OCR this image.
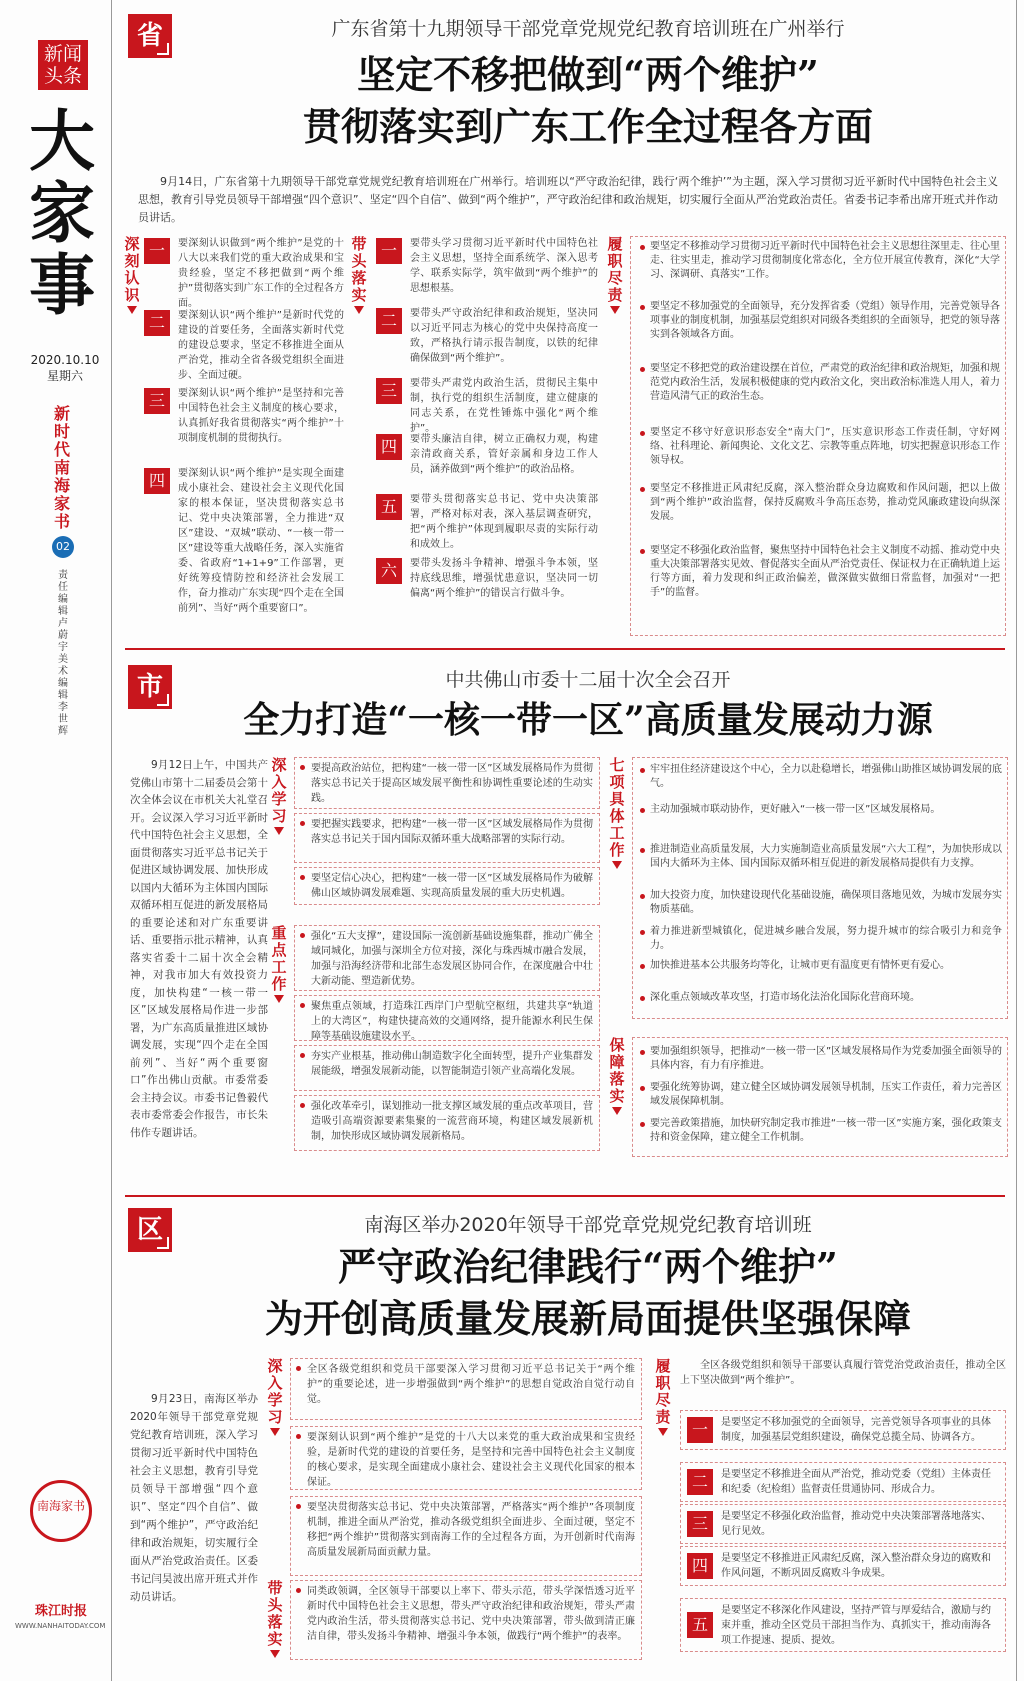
新闻头条
大家事
2020.10.10
星期六
新时代南海家书
02
责任编辑 卢蔚宇 美术编辑 李世辉
南海家书
珠江时报
WWW.NANHAITODAY.COM
省	广东省第十九期领导干部党章党规党纪教育培训班在广州举行
坚定不移把做到“两个维护”
贯彻落实到广东工作全过程各方面
9月14日，广东省第十九期领导干部党章党规党纪教育培训班在广州举行。培训班以“严守政治纪律，践行‘两个维护’”为主题，深入学习贯彻习近平新时代中国特色社会主义思想，教育引导党员领导干部增强“四个意识”、坚定“四个自信”、做到“两个维护”，严守政治纪律和政治规矩，切实履行全面从严治党政治责任。省委书记李希出席开班式并作动员讲话。
深刻认识
一	要深刻认识做到“两个维护”是党的十八大以来我们党的重大政治成果和宝贵经验，坚定不移把做到“两个维护”贯彻落实到广东工作的全过程各方面。
二	要深刻认识“两个维护”是新时代党的建设的首要任务，全面落实新时代党的建设总要求，坚定不移推进全面从严治党，推动全省各级党组织全面进步、全面过硬。
三	要深刻认识“两个维护”是坚持和完善中国特色社会主义制度的核心要求，认真抓好我省贯彻落实“两个维护”十项制度机制的贯彻执行。
四	要深刻认识“两个维护”是实现全面建成小康社会、建设社会主义现代化国家的根本保证，坚决贯彻落实总书记、党中央决策部署，全力推进“双区”建设、“双城”联动、“一核一带一区”建设等重大战略任务，深入实施省委、省政府“1+1+9”工作部署，更好统筹疫情防控和经济社会发展工作，奋力推动广东实现“四个走在全国前列”、当好“两个重要窗口”。
带头落实
一	要带头学习贯彻习近平新时代中国特色社会主义思想，坚持全面系统学、深入思考学、联系实际学，筑牢做到“两个维护”的思想根基。
二	要带头严守政治纪律和政治规矩，坚决同以习近平同志为核心的党中央保持高度一致，严格执行请示报告制度，以铁的纪律确保做到“两个维护”。
三	要带头严肃党内政治生活，贯彻民主集中制，执行党的组织生活制度，建立健康的同志关系，在党性锤炼中强化“两个维护”。
四	要带头廉洁自律，树立正确权力观，构建亲清政商关系，管好亲属和身边工作人员，涵养做到“两个维护”的政治品格。
五	要带头贯彻落实总书记、党中央决策部署，严格对标对表，深入基层调查研究，把“两个维护”体现到履职尽责的实际行动和成效上。
六	要带头发扬斗争精神、增强斗争本领，坚持底线思维，增强忧患意识，坚决同一切偏离“两个维护”的错误言行做斗争。
履职尽责
要坚定不移推动学习贯彻习近平新时代中国特色社会主义思想往深里走、往心里走、往实里走，推动学习贯彻制度化常态化，全方位开展宣传教育，深化“大学习、深调研、真落实”工作。
要坚定不移加强党的全面领导，充分发挥省委（党组）领导作用，完善党领导各项事业的制度机制，加强基层党组织对同级各类组织的全面领导，把党的领导落实到各领域各方面。
要坚定不移把党的政治建设摆在首位，严肃党的政治纪律和政治规矩，加强和规范党内政治生活，发展积极健康的党内政治文化，突出政治标准选人用人，着力营造风清气正的政治生态。
要坚定不移守好意识形态安全“南大门”，压实意识形态工作责任制，守好网络、社科理论、新闻舆论、文化文艺、宗教等重点阵地，切实把握意识形态工作领导权。
要坚定不移推进正风肃纪反腐，深入整治群众身边腐败和作风问题，把以上做到“两个维护”政治监督，保持反腐败斗争高压态势，推动党风廉政建设向纵深发展。
要坚定不移强化政治监督，聚焦坚持中国特色社会主义制度不动摇、推动党中央重大决策部署落实见效、督促落实全面从严治党责任、保证权力在正确轨道上运行等方面，着力发现和纠正政治偏差，做深做实做细日常监督，加强对“一把手”的监督。
市	中共佛山市委十二届十次全会召开
全力打造“一核一带一区”高质量发展动力源
9月12日上午，中国共产党佛山市第十二届委员会第十次全体会议在市机关大礼堂召开。会议深入学习习近平新时代中国特色社会主义思想，全面贯彻落实习近平总书记关于促进区域协调发展、加快形成以国内大循环为主体国内国际双循环相互促进的新发展格局的重要论述和对广东重要讲话、重要指示批示精神，认真落实省委十二届十次全会精神，对我市加大有效投资力度，加快构建“一核一带一区”区域发展格局作进一步部署，为广东高质量推进区域协调发展，实现“四个走在全国前列”、当好“两个重要窗口”作出佛山贡献。市委常委会主持会议。市委书记鲁毅代表市委常委会作报告，市长朱伟作专题讲话。
深入学习
要提高政治站位，把构建“一核一带一区”区域发展格局作为贯彻落实总书记关于提高区域发展平衡性和协调性重要论述的生动实践。
要把握实践要求，把构建“一核一带一区”区域发展格局作为贯彻落实总书记关于国内国际双循环重大战略部署的实际行动。
要坚定信心决心，把构建“一核一带一区”区域发展格局作为破解佛山区域协调发展难题、实现高质量发展的重大历史机遇。
重点工作
强化“五大支撑”，建设国际一流创新基础设施集群，推动广佛全域同城化，加强与深圳全方位对接，深化与珠西城市融合发展，加强与沿海经济带和北部生态发展区协同合作，在深度融合中壮大新动能、塑造新优势。
聚焦重点领域，打造珠江西岸门户型航空枢纽，共建共享“轨道上的大湾区”，构建快捷高效的交通网络，提升能源水利民生保障等基础设施建设水平。
夯实产业根基，推动佛山制造数字化全面转型，提升产业集群发展能级，增强发展新动能，以智能制造引领产业高端化发展。
强化改革牵引，谋划推动一批支撑区域发展的重点改革项目，营造吸引高端资源要素集聚的一流营商环境，构建区域发展新机制，加快形成区域协调发展新格局。
七项具体工作
牢牢扭住经济建设这个中心，全力以赴稳增长，增强佛山助推区域协调发展的底气。
主动加强城市联动协作，更好融入“一核一带一区”区域发展格局。
推进制造业高质量发展，大力实施制造业高质量发展“六大工程”，为加快形成以国内大循环为主体、国内国际双循环相互促进的新发展格局提供有力支撑。
加大投资力度，加快建设现代化基础设施，确保项目落地见效，为城市发展夯实物质基础。
着力推进新型城镇化，促进城乡融合发展，努力提升城市的综合吸引力和竞争力。
加快推进基本公共服务均等化，让城市更有温度更有情怀更有爱心。
深化重点领域改革攻坚，打造市场化法治化国际化营商环境。
保障落实
要加强组织领导，把推动“一核一带一区”区域发展格局作为党委加强全面领导的具体内容，有力有序推进。
要强化统筹协调，建立健全区域协调发展领导机制，压实工作责任，着力完善区域发展保障机制。
要完善政策措施，加快研究制定我市推进“一核一带一区”实施方案，强化政策支持和资金保障，建立健全工作机制。
区	南海区举办2020年领导干部党章党规党纪教育培训班
严守政治纪律践行“两个维护”
为开创高质量发展新局面提供坚强保障
9月23日，南海区举办2020年领导干部党章党规党纪教育培训班，深入学习贯彻习近平新时代中国特色社会主义思想，教育引导党员领导干部增强“四个意识”、坚定“四个自信”、做到“两个维护”，严守政治纪律和政治规矩，切实履行全面从严治党政治责任。区委书记闫昊波出席开班式并作动员讲话。
深入学习
全区各级党组织和党员干部要深入学习贯彻习近平总书记关于“两个维护”的重要论述，进一步增强做到“两个维护”的思想自觉政治自觉行动自觉。
要深刻认识到“两个维护”是党的十八大以来党的重大政治成果和宝贵经验，是新时代党的建设的首要任务，是坚持和完善中国特色社会主义制度的核心要求，是实现全面建成小康社会、建设社会主义现代化国家的根本保证。
要坚决贯彻落实总书记、党中央决策部署，严格落实“两个维护”各项制度机制，推进全面从严治党，推动各级党组织全面进步、全面过硬，坚定不移把“两个维护”贯彻落实到南海工作的全过程各方面，为开创新时代南海高质量发展新局面贡献力量。
带头落实
同类政领调，全区领导干部要以上率下、带头示范，带头学深悟透习近平新时代中国特色社会主义思想，带头严守政治纪律和政治规矩，带头严肃党内政治生活，带头贯彻落实总书记、党中央决策部署，带头做到清正廉洁自律，带头发扬斗争精神、增强斗争本领，做践行“两个维护”的表率。
履职尽责
全区各级党组织和领导干部要认真履行管党治党政治责任，推动全区上下坚决做到“两个维护”。
一	是要坚定不移加强党的全面领导，完善党领导各项事业的具体制度，加强基层党组织建设，确保党总揽全局、协调各方。
二	是要坚定不移推进全面从严治党，推动党委（党组）主体责任和纪委（纪检组）监督责任贯通协同、形成合力。
三	是要坚定不移强化政治监督，推动党中央决策部署落地落实、见行见效。
四	是要坚定不移推进正风肃纪反腐，深入整治群众身边的腐败和作风问题，不断巩固反腐败斗争成果。
五
是要坚定不移深化作风建设，坚持严管与厚爱结合，激励与约束并重，推动全区党员干部担当作为、真抓实干，推动南海各项工作提速、提质、提效。
